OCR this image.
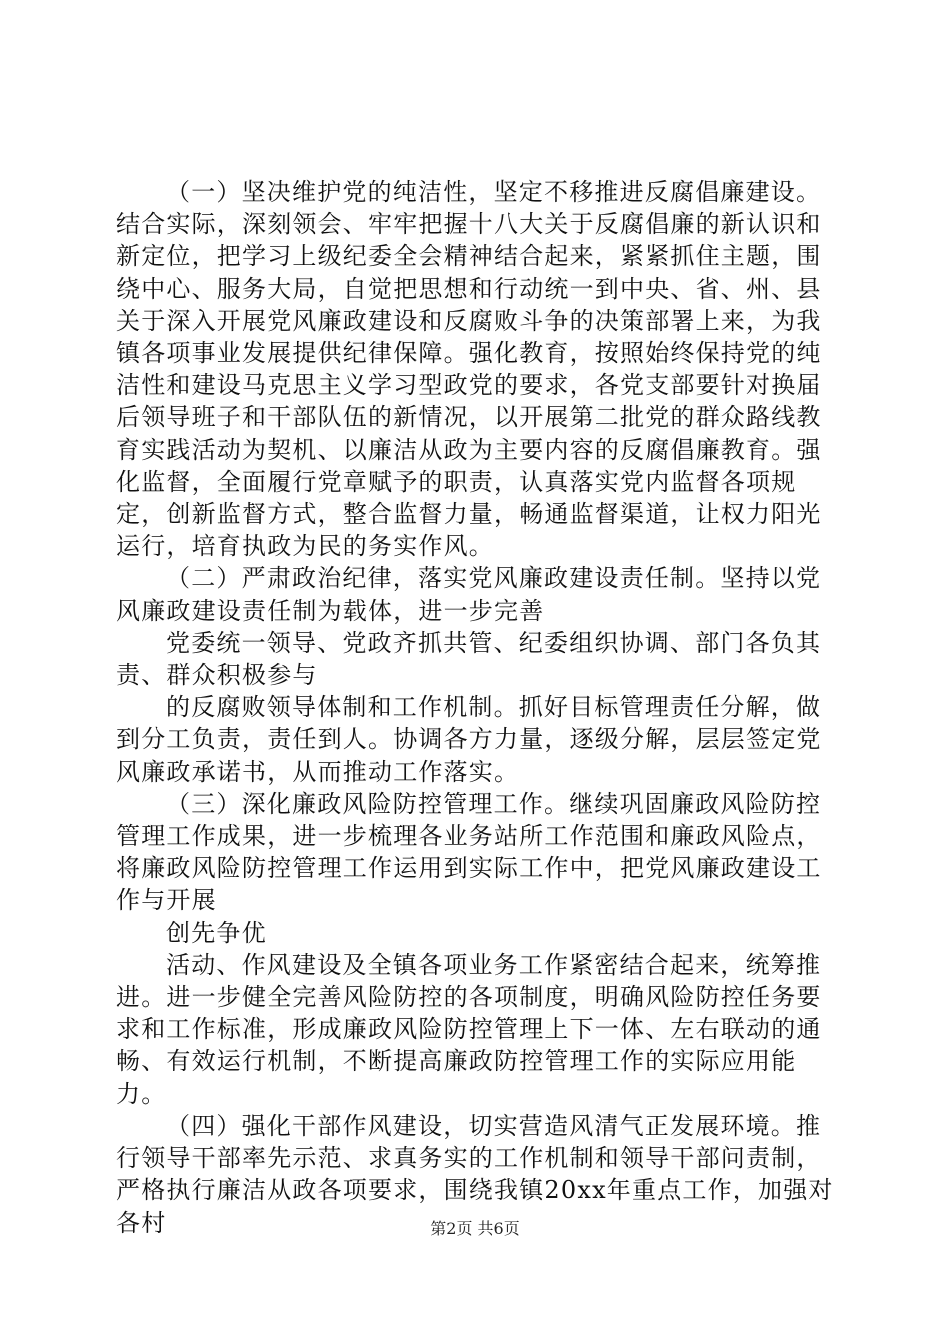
（一）坚决维护党的纯洁性，坚定不移推进反腐倡廉建设。结合实际，深刻领会、牢牢把握十八大关于反腐倡廉的新认识和新定位，把学习上级纪委全会精神结合起来，紧紧抓住主题，围绕中心、服务大局，自觉把思想和行动统一到中央、省、州、县关于深入开展党风廉政建设和反腐败斗争的决策部署上来，为我镇各项事业发展提供纪律保障。强化教育，按照始终保持党的纯洁性和建设马克思主义学习型政党的要求，各党支部要针对换届后领导班子和干部队伍的新情况，以开展第二批党的群众路线教育实践活动为契机、以廉洁从政为主要内容的反腐倡廉教育。强化监督，全面履行党章赋予的职责，认真落实党内监督各项规定，创新监督方式，整合监督力量，畅通监督渠道，让权力阳光运行，培育执政为民的务实作风。

（二）严肃政治纪律，落实党风廉政建设责任制。坚持以党风廉政建设责任制为载体，进一步完善

党委统一领导、党政齐抓共管、纪委组织协调、部门各负其责、群众积极参与

的反腐败领导体制和工作机制。抓好目标管理责任分解，做到分工负责，责任到人。协调各方力量，逐级分解，层层签定党风廉政承诺书，从而推动工作落实。

（三）深化廉政风险防控管理工作。继续巩固廉政风险防控管理工作成果，进一步梳理各业务站所工作范围和廉政风险点，将廉政风险防控管理工作运用到实际工作中，把党风廉政建设工作与开展

创先争优

活动、作风建设及全镇各项业务工作紧密结合起来，统筹推进。进一步健全完善风险防控的各项制度，明确风险防控任务要求和工作标准，形成廉政风险防控管理上下一体、左右联动的通畅、有效运行机制，不断提高廉政防控管理工作的实际应用能力。

（四）强化干部作风建设，切实营造风清气正发展环境。推行领导干部率先示范、求真务实的工作机制和领导干部问责制，严格执行廉洁从政各项要求，围绕我镇20xx年重点工作，加强对各村	第2页 共6页
